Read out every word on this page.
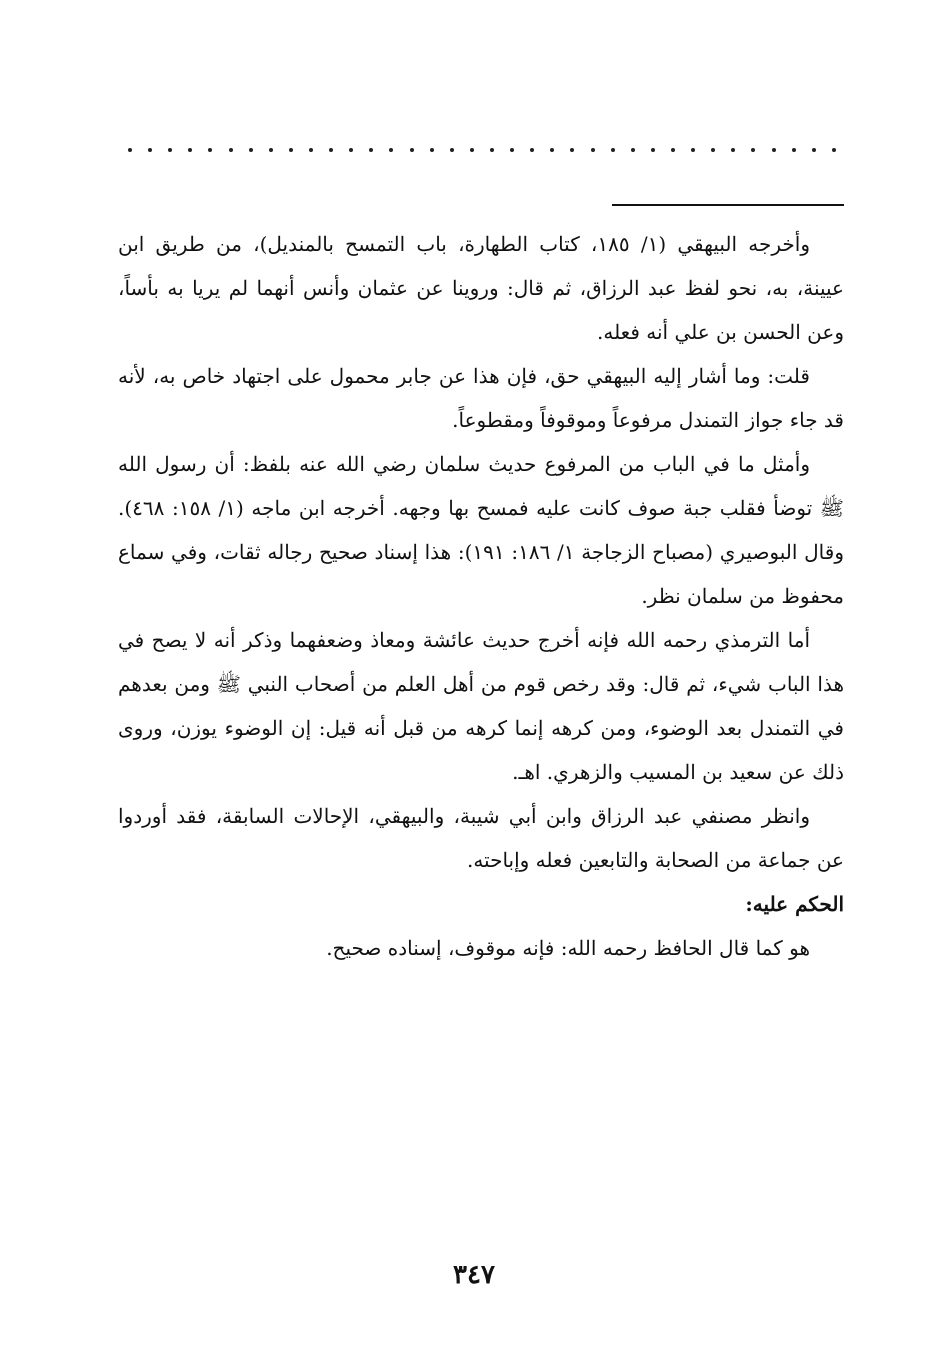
وأخرجه البيهقي (١/ ١٨٥، كتاب الطهارة، باب التمسح بالمنديل)، من طريق ابن عيينة، به، نحو لفظ عبد الرزاق، ثم قال: وروينا عن عثمان وأنس أنهما لم يريا به بأساً، وعن الحسن بن علي أنه فعله.

قلت: وما أشار إليه البيهقي حق، فإن هذا عن جابر محمول على اجتهاد خاص به، لأنه قد جاء جواز التمندل مرفوعاً وموقوفاً ومقطوعاً.

وأمثل ما في الباب من المرفوع حديث سلمان رضي الله عنه بلفظ: أن رسول الله ﷺ توضأ فقلب جبة صوف كانت عليه فمسح بها وجهه. أخرجه ابن ماجه (١/ ١٥٨: ٤٦٨). وقال البوصيري (مصباح الزجاجة ١/ ١٨٦: ١٩١): هذا إسناد صحيح رجاله ثقات، وفي سماع محفوظ من سلمان نظر.

أما الترمذي رحمه الله فإنه أخرج حديث عائشة ومعاذ وضعفهما وذكر أنه لا يصح في هذا الباب شيء، ثم قال: وقد رخص قوم من أهل العلم من أصحاب النبي ﷺ ومن بعدهم في التمندل بعد الوضوء، ومن كرهه إنما كرهه من قبل أنه قيل: إن الوضوء يوزن، وروى ذلك عن سعيد بن المسيب والزهري. اهـ.

وانظر مصنفي عبد الرزاق وابن أبي شيبة، والبيهقي، الإحالات السابقة، فقد أوردوا عن جماعة من الصحابة والتابعين فعله وإباحته.

الحكم عليه:

هو كما قال الحافظ رحمه الله: فإنه موقوف، إسناده صحيح.

٣٤٧
